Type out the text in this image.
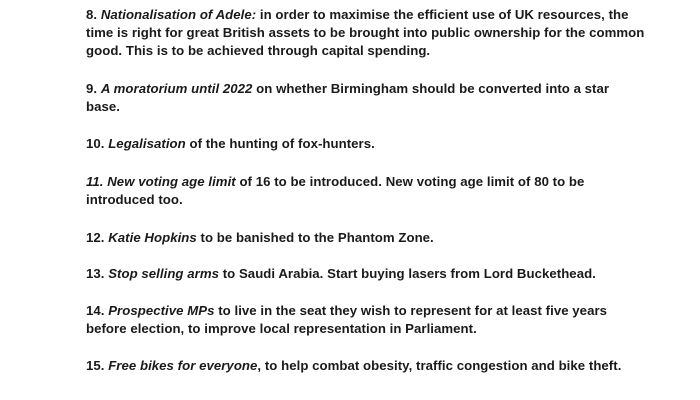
8. Nationalisation of Adele: in order to maximise the efficient use of UK resources, the time is right for great British assets to be brought into public ownership for the common good. This is to be achieved through capital spending.

9. A moratorium until 2022 on whether Birmingham should be converted into a star base.

10. Legalisation of the hunting of fox-hunters.

11. New voting age limit of 16 to be introduced. New voting age limit of 80 to be introduced too.

12. Katie Hopkins to be banished to the Phantom Zone.

13. Stop selling arms to Saudi Arabia. Start buying lasers from Lord Buckethead.

14. Prospective MPs to live in the seat they wish to represent for at least five years before election, to improve local representation in Parliament.

15. Free bikes for everyone, to help combat obesity, traffic congestion and bike theft.
